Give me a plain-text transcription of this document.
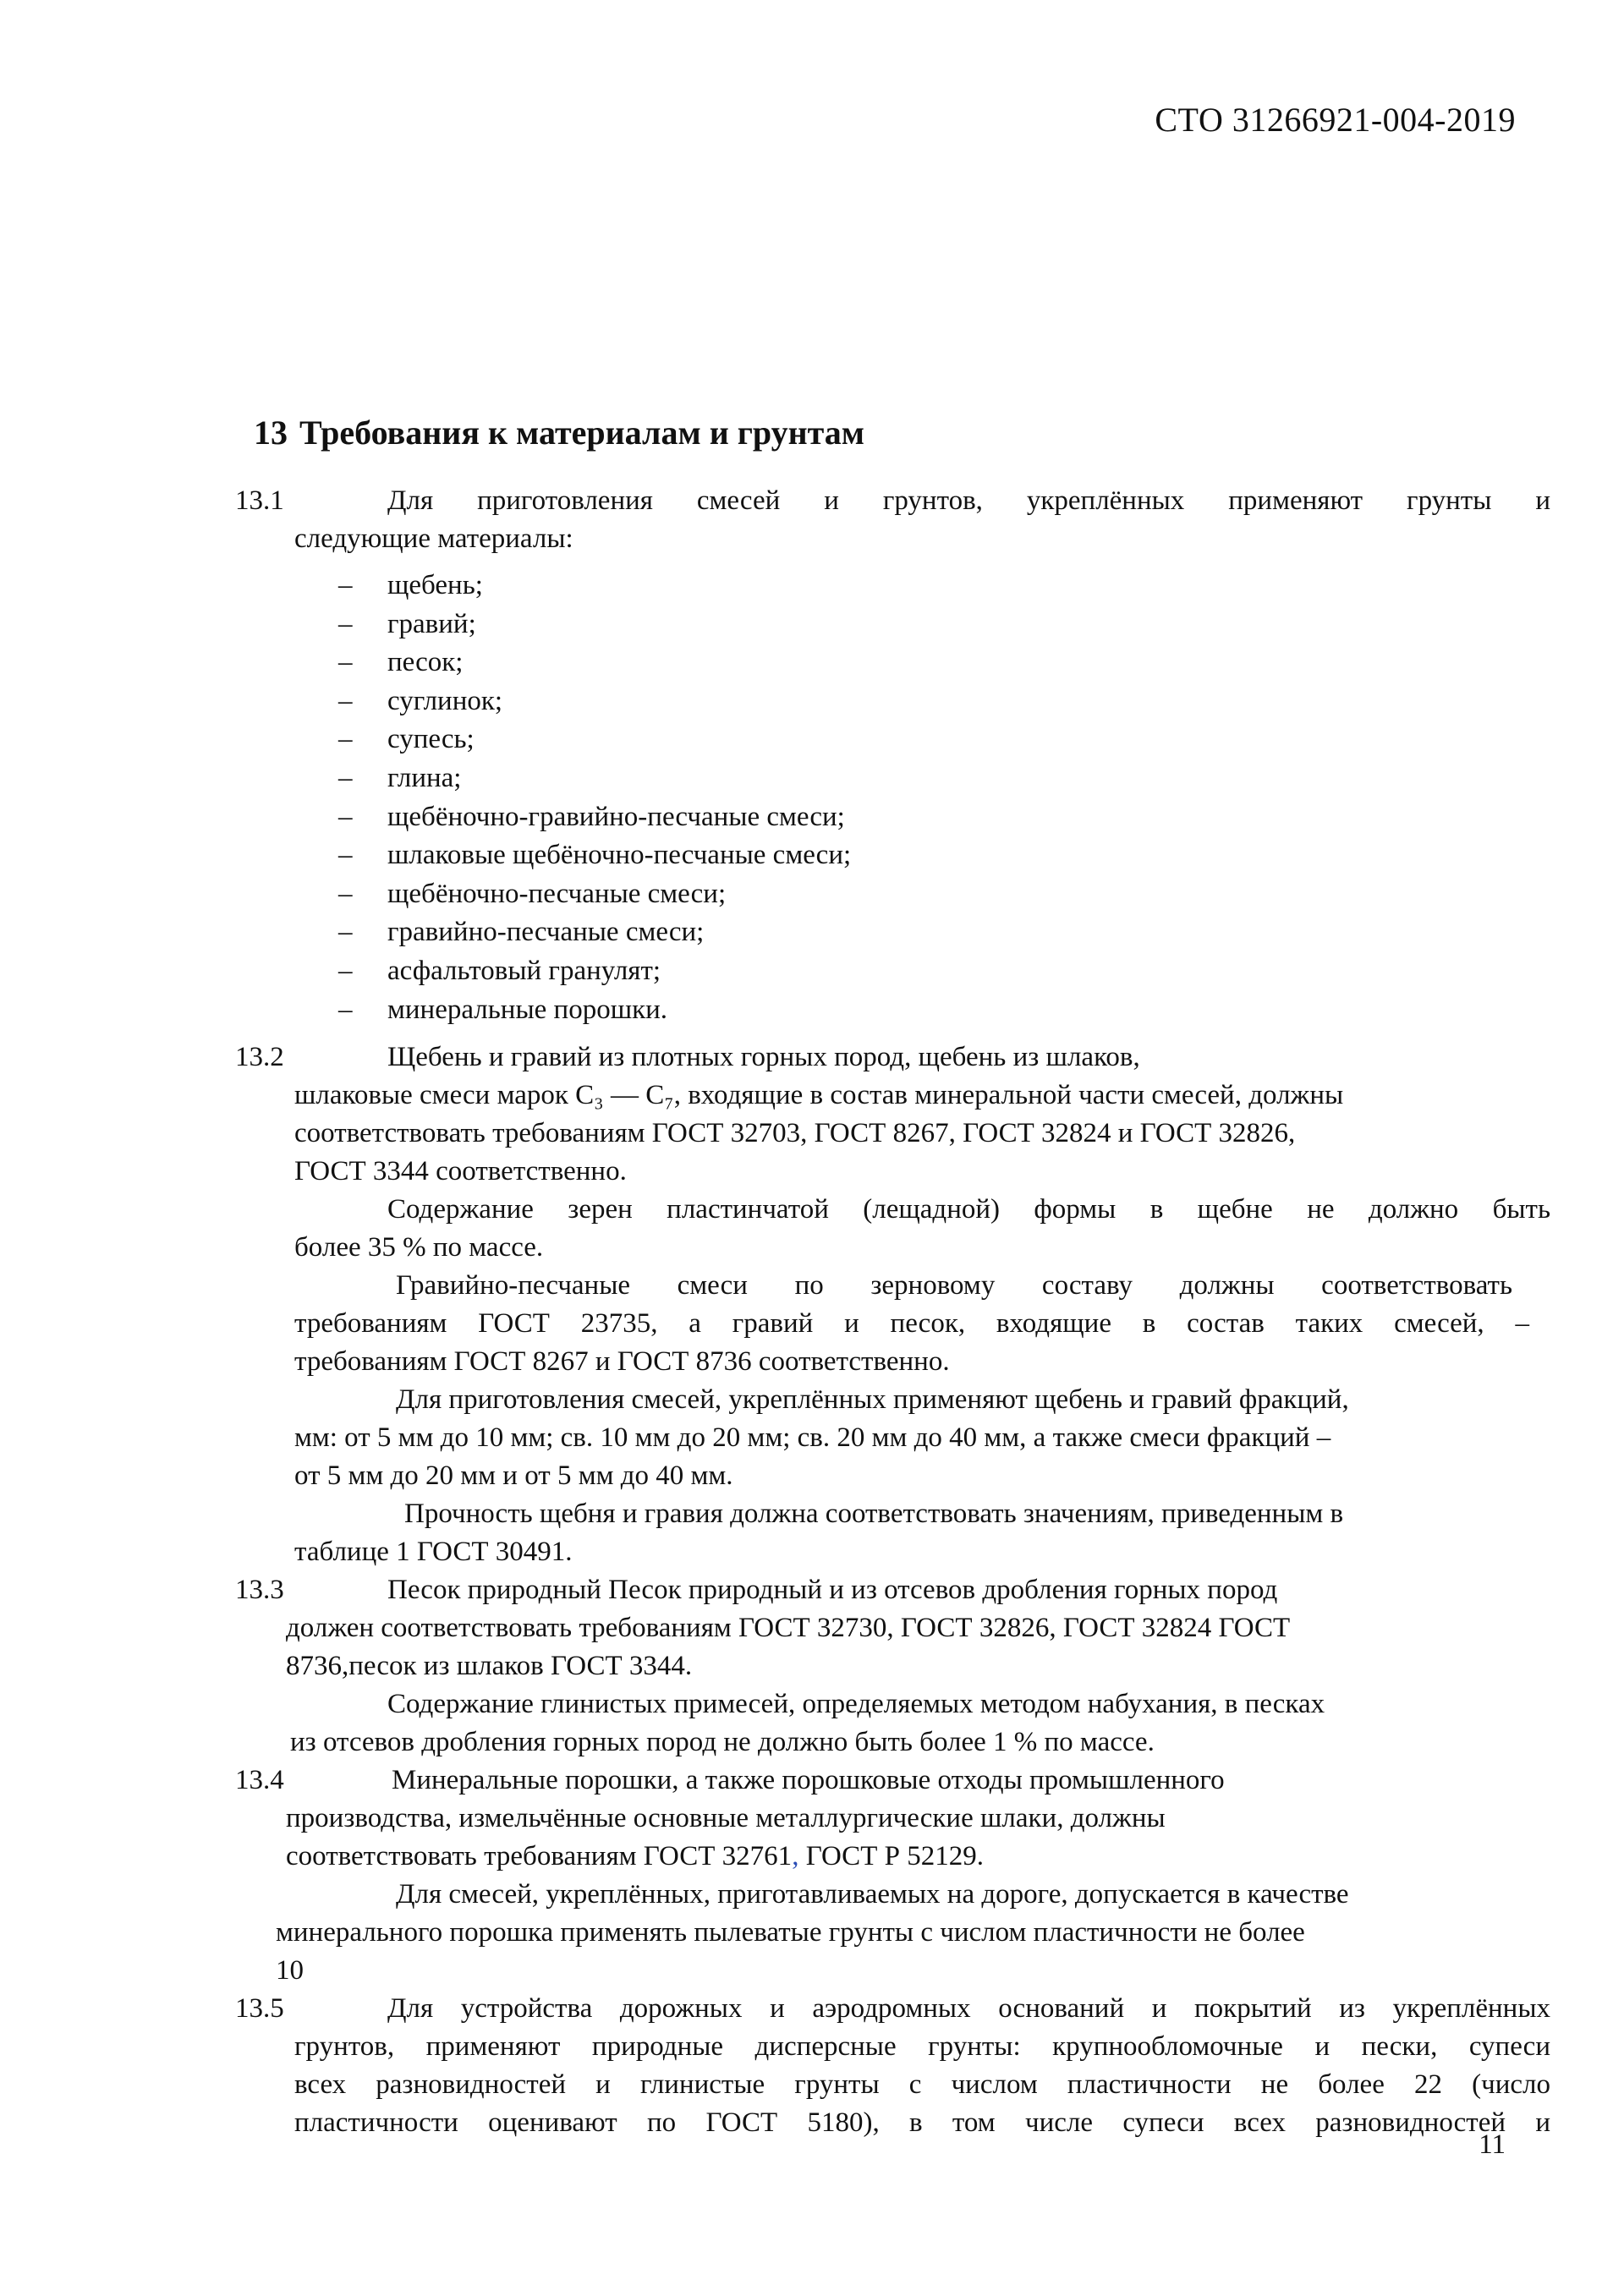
СТО 31266921-004-2019
13 Требования к материалам и грунтам
13.1	Для приготовления смесей и грунтов, укреплённых применяют грунты и
следующие материалы:
– щебень;
– гравий;
– песок;
– суглинок;
– супесь;
– глина;
– щебёночно-гравийно-песчаные смеси;
– шлаковые щебёночно-песчаные смеси;
– щебёночно-песчаные смеси;
– гравийно-песчаные смеси;
– асфальтовый гранулят;
– минеральные порошки.
13.2	Щебень и гравий из плотных горных пород, щебень из шлаков,
шлаковые смеси марок С₃ — С₇, входящие в состав минеральной части смесей, должны
соответствовать требованиям ГОСТ 32703, ГОСТ 8267, ГОСТ 32824 и ГОСТ 32826,
ГОСТ 3344 соответственно.
Содержание зерен пластинчатой (лещадной) формы в щебне не должно быть
более 35 % по массе.
Гравийно-песчаные смеси по зерновому составу должны соответствовать
требованиям ГОСТ 23735, а гравий и песок, входящие в состав таких смесей, –
требованиям ГОСТ 8267 и ГОСТ 8736 соответственно.
Для приготовления смесей, укреплённых применяют щебень и гравий фракций,
мм: от 5 мм до 10 мм; св. 10 мм до 20 мм; св. 20 мм до 40 мм, а также смеси фракций –
от 5 мм до 20 мм и от 5 мм до 40 мм.
Прочность щебня и гравия должна соответствовать значениям, приведенным в
таблице 1 ГОСТ 30491.
13.3	Песок природный Песок природный и из отсевов дробления горных пород
должен соответствовать требованиям ГОСТ 32730, ГОСТ 32826, ГОСТ 32824 ГОСТ
8736,песок из шлаков ГОСТ 3344.
Содержание глинистых примесей, определяемых методом набухания, в песках
из отсевов дробления горных пород не должно быть более 1 % по массе.
13.4	Минеральные порошки, а также порошковые отходы промышленного
производства, измельчённые основные металлургические шлаки, должны
соответствовать требованиям ГОСТ 32761, ГОСТ Р 52129.
Для смесей, укреплённых, приготавливаемых на дороге, допускается в качестве
минерального порошка применять пылеватые грунты с числом пластичности не более
10
13.5	Для устройства дорожных и аэродромных оснований и покрытий из укреплённых
грунтов, применяют природные дисперсные грунты: крупнообломочные и пески, супеси
всех разновидностей и глинистые грунты с числом пластичности не более 22 (число
пластичности оценивают по ГОСТ 5180), в том числе супеси всех разновидностей и
11
